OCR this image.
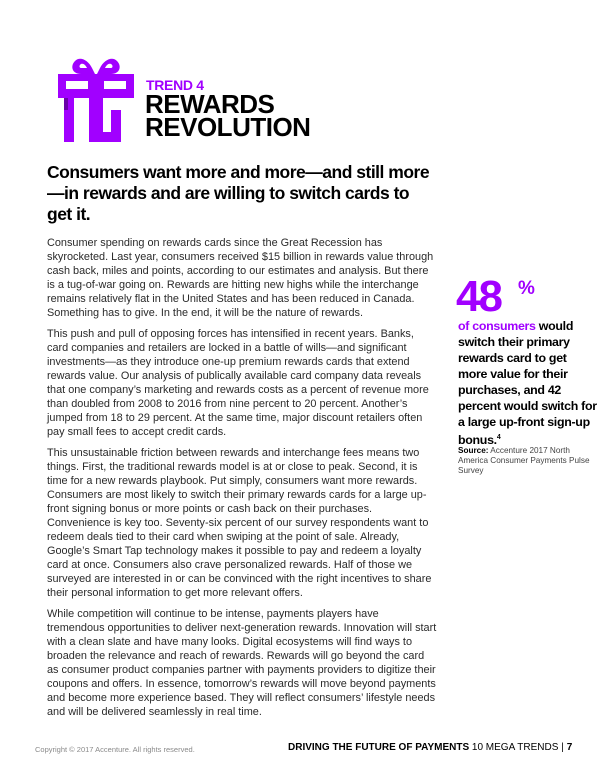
TREND 4
REWARDS
REVOLUTION
Consumers want more and more—and still more—in rewards and are willing to switch cards to get it.

Consumer spending on rewards cards since the Great Recession has skyrocketed. Last year, consumers received $15 billion in rewards value through cash back, miles and points, according to our estimates and analysis. But there is a tug-of-war going on. Rewards are hitting new highs while the interchange remains relatively flat in the United States and has been reduced in Canada. Something has to give. In the end, it will be the nature of rewards.

This push and pull of opposing forces has intensified in recent years. Banks, card companies and retailers are locked in a battle of wills—and significant investments—as they introduce one-up premium rewards cards that extend rewards value. Our analysis of publically available card company data reveals that one company’s marketing and rewards costs as a percent of revenue more than doubled from 2008 to 2016 from nine percent to 20 percent. Another’s jumped from 18 to 29 percent. At the same time, major discount retailers often pay small fees to accept credit cards.

This unsustainable friction between rewards and interchange fees means two things. First, the traditional rewards model is at or close to peak. Second, it is time for a new rewards playbook. Put simply, consumers want more rewards. Consumers are most likely to switch their primary rewards cards for a large up-front signing bonus or more points or cash back on their purchases. Convenience is key too. Seventy-six percent of our survey respondents want to redeem deals tied to their card when swiping at the point of sale. Already, Google’s Smart Tap technology makes it possible to pay and redeem a loyalty card at once. Consumers also crave personalized rewards. Half of those we surveyed are interested in or can be convinced with the right incentives to share their personal information to get more relevant offers.

While competition will continue to be intense, payments players have tremendous opportunities to deliver next-generation rewards. Innovation will start with a clean slate and have many looks. Digital ecosystems will find ways to broaden the relevance and reach of rewards. Rewards will go beyond the card as consumer product companies partner with payments providers to digitize their coupons and offers. In essence, tomorrow’s rewards will move beyond payments and become more experience based. They will reflect consumers’ lifestyle needs and will be delivered seamlessly in real time.

48 %
of consumers would switch their primary rewards card to get more value for their purchases, and 42 percent would switch for a large up-front sign-up bonus.$^4$
Source: Accenture 2017 North America Consumer Payments Pulse Survey
Copyright © 2017 Accenture. All rights reserved.	DRIVING THE FUTURE OF PAYMENTS 10 MEGA TRENDS | 7
